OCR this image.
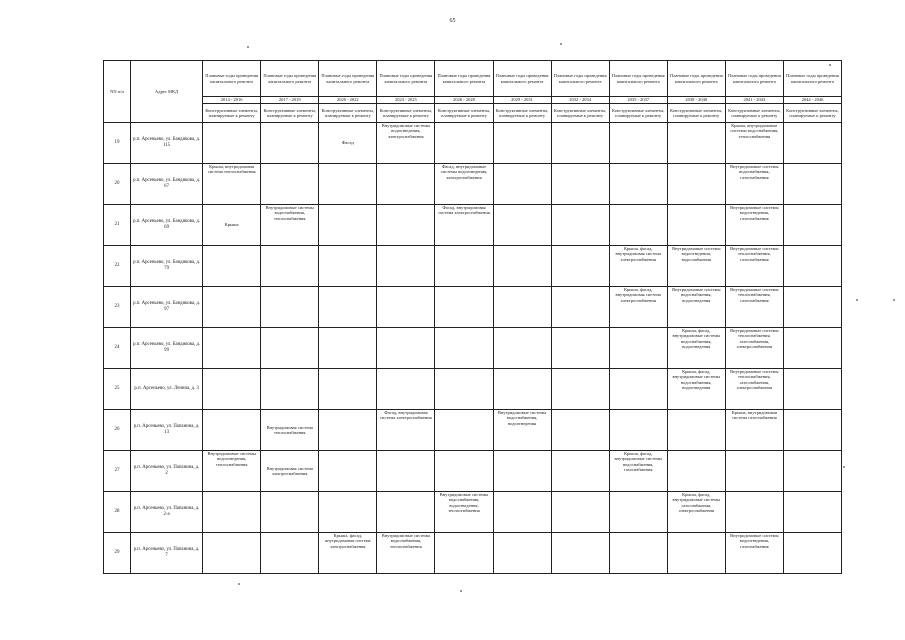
65
NN п/п	Адрес МКД	Плановые годы проведения капитального ремонта	Плановые годы проведения капитального ремонта	Плановые годы проведения капитального ремонта	Плановые годы проведения капитального ремонта	Плановые годы проведения капитального ремонта	Плановые годы проведения капитального ремонта	Плановые годы проведения капитального ремонта	Плановые годы проведения капитального ремонта	Плановые годы проведения капитального ремонта	Плановые годы проведения капитального ремонта	Плановые годы проведения капитального ремонта
		2014 - 2016	2017 - 2019	2020 - 2022	2023 - 2025	2026 - 2028	2029 - 2031	2032 - 2034	2035 - 2037	2038 - 2040	2041 - 2043	2044 - 2046
		Конструктивные элементы, планируемые к ремонту	Конструктивные элементы, планируемые к ремонту	Конструктивные элементы, планируемые к ремонту	Конструктивные элементы, планируемые к ремонту	Конструктивные элементы, планируемые к ремонту	Конструктивные элементы, планируемые к ремонту	Конструктивные элементы, планируемые к ремонту	Конструктивные элементы, планируемые к ремонту	Конструктивные элементы, планируемые к ремонту	Конструктивные элементы, планируемые к ремонту	Конструктивные элементы, планируемые к ремонту
19	р.п. Арсеньево, ул. Бандикова, д. 115			Фасад	Внутридомовые системы водоотведения, электроснабжения						Крыша, внутридомовые системы водоснабжения, теплоснабжения	
20	р.п. Арсеньево, ул. Бандикова, д. 67	Крыша, внутридомовая система теплоснабжения				Фасад, внутридомовые системы водоотведения, электроснабжения					Внутридомовые системы водоснабжения, газоснабжения	
21	р.п. Арсеньево, ул. Бандикова, д. 69	Крыша	Внутридомовые системы водоснабжения, теплоснабжения			Фасад, внутридомовая система электроснабжения					Внутридомовые системы водоотведения, газоснабжения	
22	р.п. Арсеньево, ул. Бандикова, д. 79								Крыша, фасад, внутридомовая система электроснабжения	Внутридомовые системы водоотведения, водоснабжения	Внутридомовые системы теплоснабжения, газоснабжения	
23	р.п. Арсеньево, ул. Бандикова, д. 97								Крыша, фасад, внутридомовая система электроснабжения	Внутридомовые системы водоснабжения, водоотведения	Внутридомовые системы теплоснабжения, газоснабжения	
24	р.п. Арсеньево, ул. Бандикова, д. 99									Крыша, фасад, внутридомовые системы водоснабжения, водоотведения	Внутридомовые системы теплоснабжения, газоснабжения, электроснабжения	
25	р.п. Арсеньево, ул. Ленина, д. 3									Крыша, фасад, внутридомовые системы водоснабжения, водоотведения	Внутридомовые системы теплоснабжения, газоснабжения, электроснабжения	
26	р.п. Арсеньево, ул. Папанина, д. 13		Внутридомовая система теплоснабжения		Фасад, внутридомовая система электроснабжения		Внутридомовые системы водоснабжения, водоотведения				Крыша, внутридомовая система газоснабжения	
27	р.п. Арсеньево, ул. Папанина, д. 2	Внутридомовые системы водоотведения, теплоснабжения	Внутридомовая система электроснабжения						Крыша, фасад, внутридомовые системы водоснабжения, газоснабжения			
28	р.п. Арсеньево, ул. Папанина, д. 2-а					Внутридомовые системы водоснабжения, водоотведения, теплоснабжения				Крыша, фасад, внутридомовые системы газоснабжения, электроснабжения		
29	р.п. Арсеньево, ул. Папанина, д. 7			Крыша, фасад, внутридомовая система электроснабжения	Внутридомовые системы водоснабжения, теплоснабжения						Внутридомовые системы водоотведения, газоснабжения	
